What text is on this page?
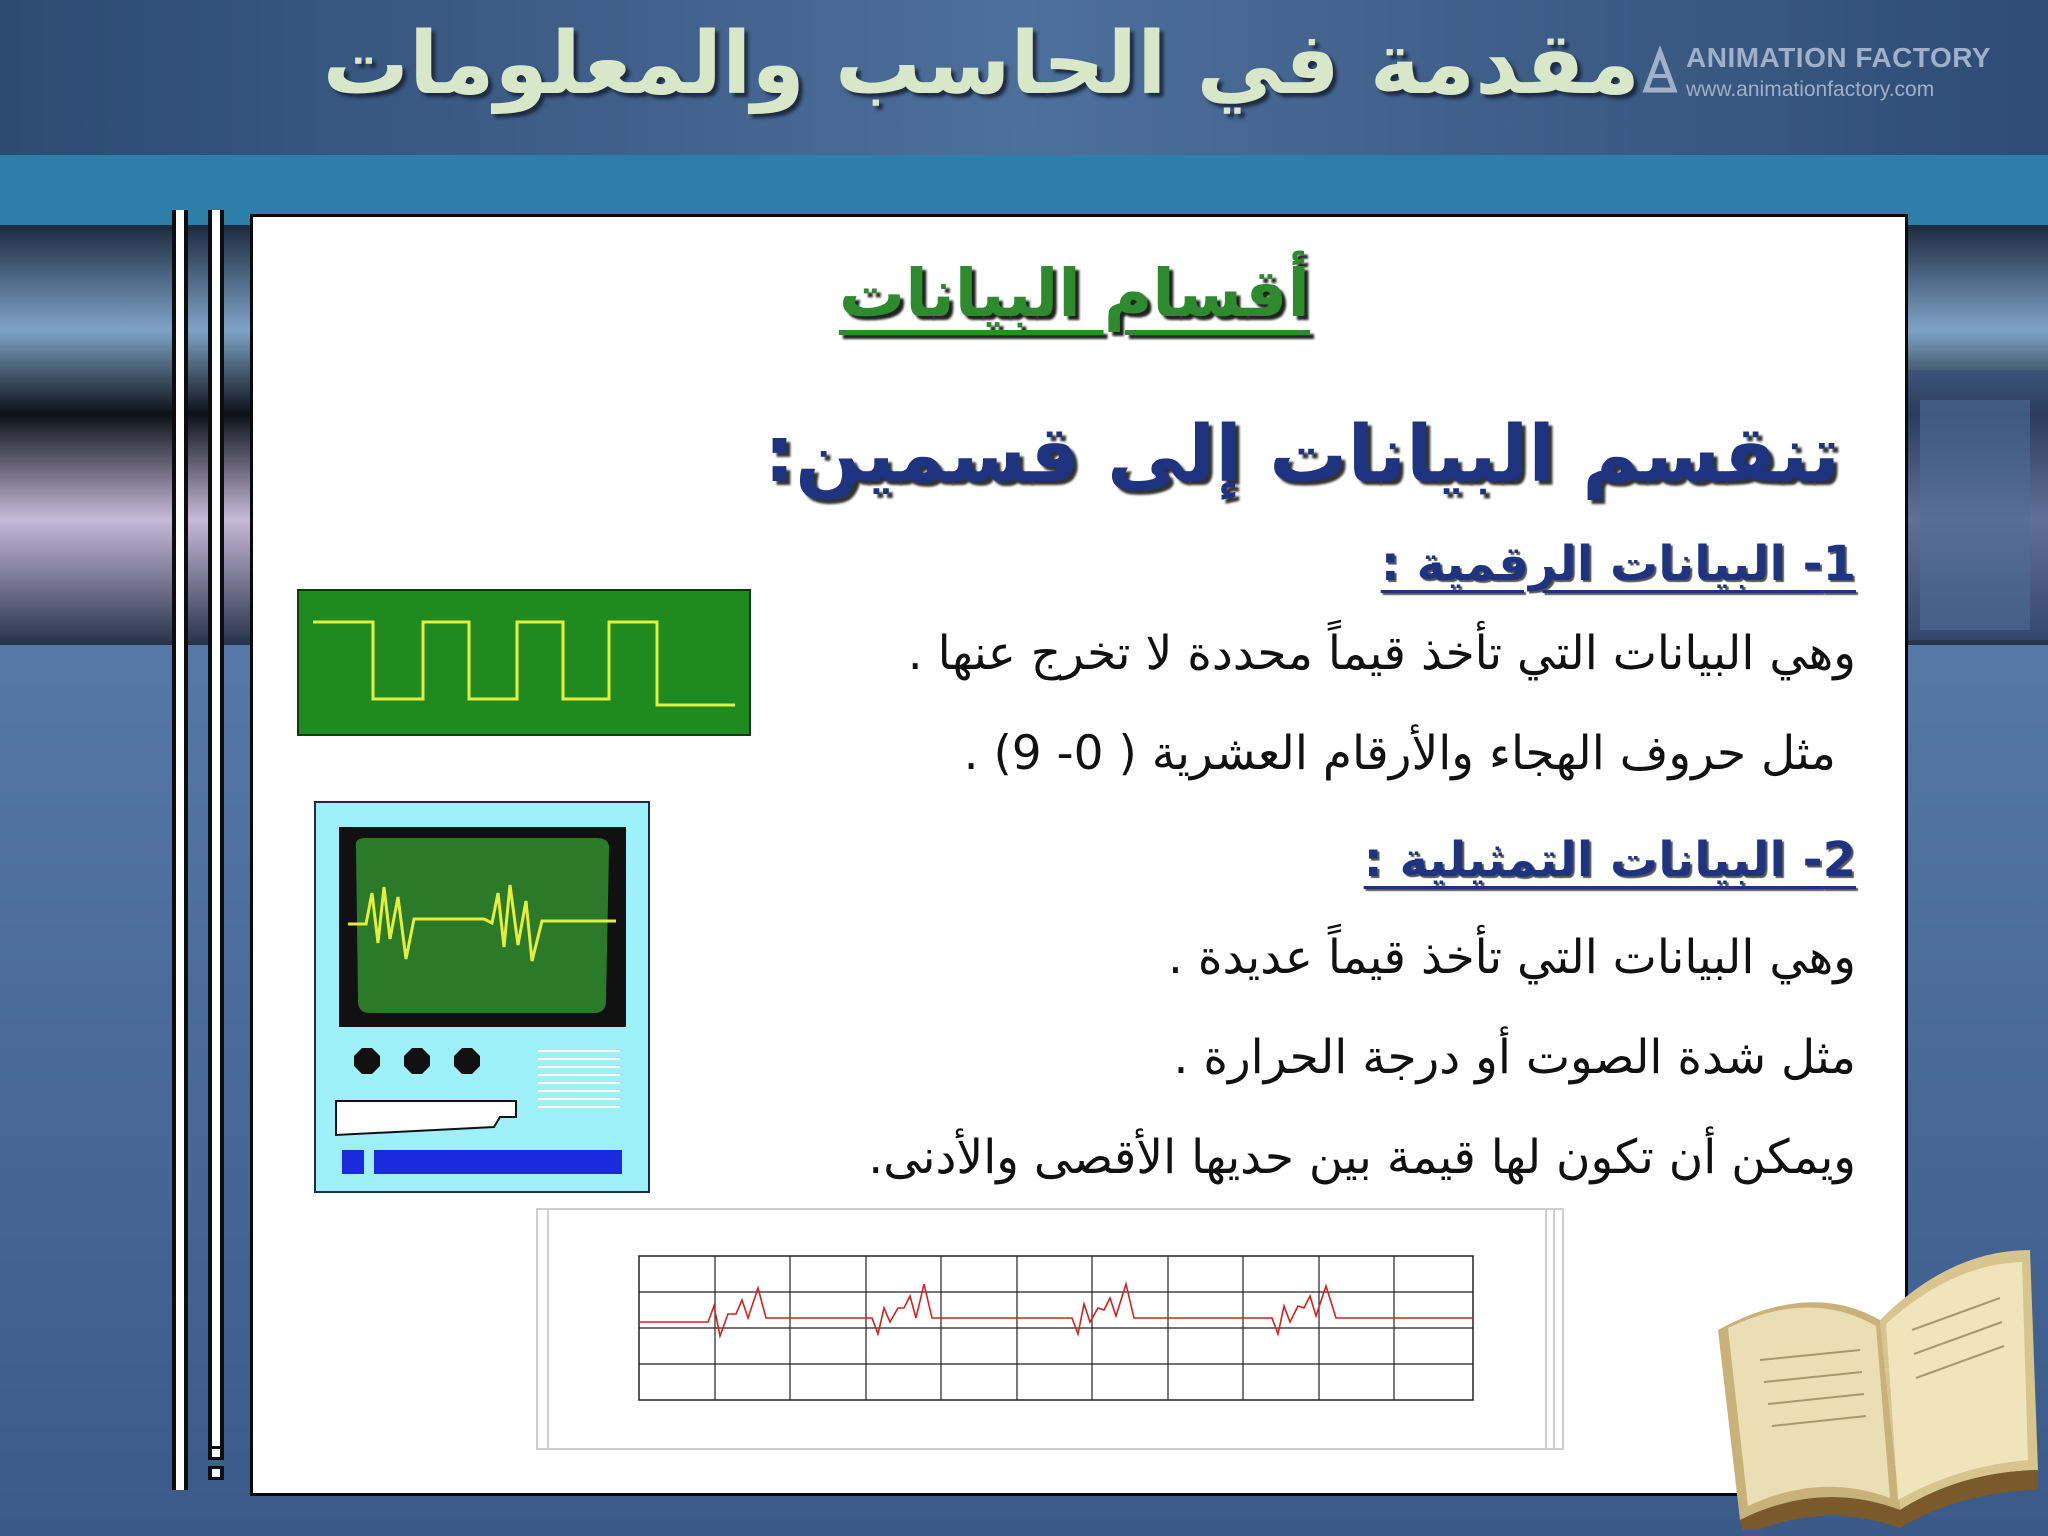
ANIMATION FACTORY
www.animationfactory.com
مقدمة في الحاسب والمعلومات
أقسام البيانات
تنقسم البيانات إلى قسمين:
1- البيانات الرقمية :
وهي البيانات التي تأخذ قيماً محددة لا تخرج عنها .
مثل حروف الهجاء والأرقام العشرية ( 0- 9) .
2- البيانات التمثيلية :
وهي البيانات التي تأخذ قيماً عديدة .
مثل شدة الصوت أو درجة الحرارة .
ويمكن أن تكون لها قيمة بين حديها الأقصى والأدنى.
